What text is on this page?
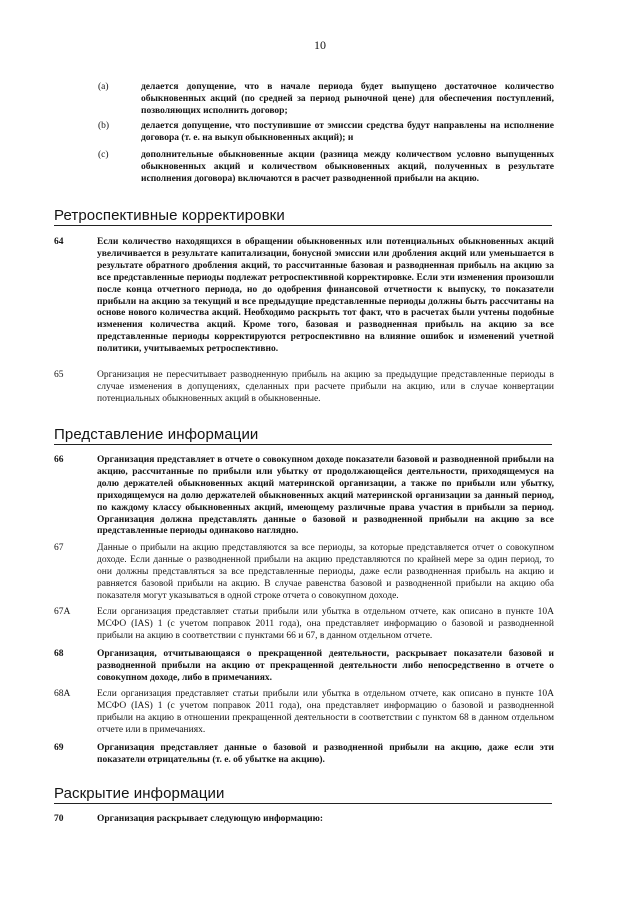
10
(a)	делается допущение, что в начале периода будет выпущено достаточное количество обыкновенных акций (по средней за период рыночной цене) для обеспечения поступлений, позволяющих исполнить договор;
(b)	делается допущение, что поступившие от эмиссии средства будут направлены на исполнение договора (т. е. на выкуп обыкновенных акций); и
(c)	дополнительные обыкновенные акции (разница между количеством условно выпущенных обыкновенных акций и количеством обыкновенных акций, полученных в результате исполнения договора) включаются в расчет разводненной прибыли на акцию.
Ретроспективные корректировки
64	Если количество находящихся в обращении обыкновенных или потенциальных обыкновенных акций увеличивается в результате капитализации, бонусной эмиссии или дробления акций или уменьшается в результате обратного дробления акций, то рассчитанные базовая и разводненная прибыль на акцию за все представленные периоды подлежат ретроспективной корректировке. Если эти изменения произошли после конца отчетного периода, но до одобрения финансовой отчетности к выпуску, то показатели прибыли на акцию за текущий и все предыдущие представленные периоды должны быть рассчитаны на основе нового количества акций. Необходимо раскрыть тот факт, что в расчетах были учтены подобные изменения количества акций. Кроме того, базовая и разводненная прибыль на акцию за все представленные периоды корректируются ретроспективно на влияние ошибок и изменений учетной политики, учитываемых ретроспективно.
65	Организация не пересчитывает разводненную прибыль на акцию за предыдущие представленные периоды в случае изменения в допущениях, сделанных при расчете прибыли на акцию, или в случае конвертации потенциальных обыкновенных акций в обыкновенные.
Представление информации
66	Организация представляет в отчете о совокупном доходе показатели базовой и разводненной прибыли на акцию, рассчитанные по прибыли или убытку от продолжающейся деятельности, приходящемуся на долю держателей обыкновенных акций материнской организации, а также по прибыли или убытку, приходящемуся на долю держателей обыкновенных акций материнской организации за данный период, по каждому классу обыкновенных акций, имеющему различные права участия в прибыли за период. Организация должна представлять данные о базовой и разводненной прибыли на акцию за все представленные периоды одинаково наглядно.
67	Данные о прибыли на акцию представляются за все периоды, за которые представляется отчет о совокупном доходе. Если данные о разводненной прибыли на акцию представляются по крайней мере за один период, то они должны представляться за все представленные периоды, даже если разводненная прибыль на акцию и равняется базовой прибыли на акцию. В случае равенства базовой и разводненной прибыли на акцию оба показателя могут указываться в одной строке отчета о совокупном доходе.
67А	Если организация представляет статьи прибыли или убытка в отдельном отчете, как описано в пункте 10А МСФО (IAS) 1 (с учетом поправок 2011 года), она представляет информацию о базовой и разводненной прибыли на акцию в соответствии с пунктами 66 и 67, в данном отдельном отчете.
68	Организация, отчитывающаяся о прекращенной деятельности, раскрывает показатели базовой и разводненной прибыли на акцию от прекращенной деятельности либо непосредственно в отчете о совокупном доходе, либо в примечаниях.
68А	Если организация представляет статьи прибыли или убытка в отдельном отчете, как описано в пункте 10А МСФО (IAS) 1 (с учетом поправок 2011 года), она представляет информацию о базовой и разводненной прибыли на акцию в отношении прекращенной деятельности в соответствии с пунктом 68 в данном отдельном отчете или в примечаниях.
69	Организация представляет данные о базовой и разводненной прибыли на акцию, даже если эти показатели отрицательны (т. е. об убытке на акцию).
Раскрытие информации
70	Организация раскрывает следующую информацию:
